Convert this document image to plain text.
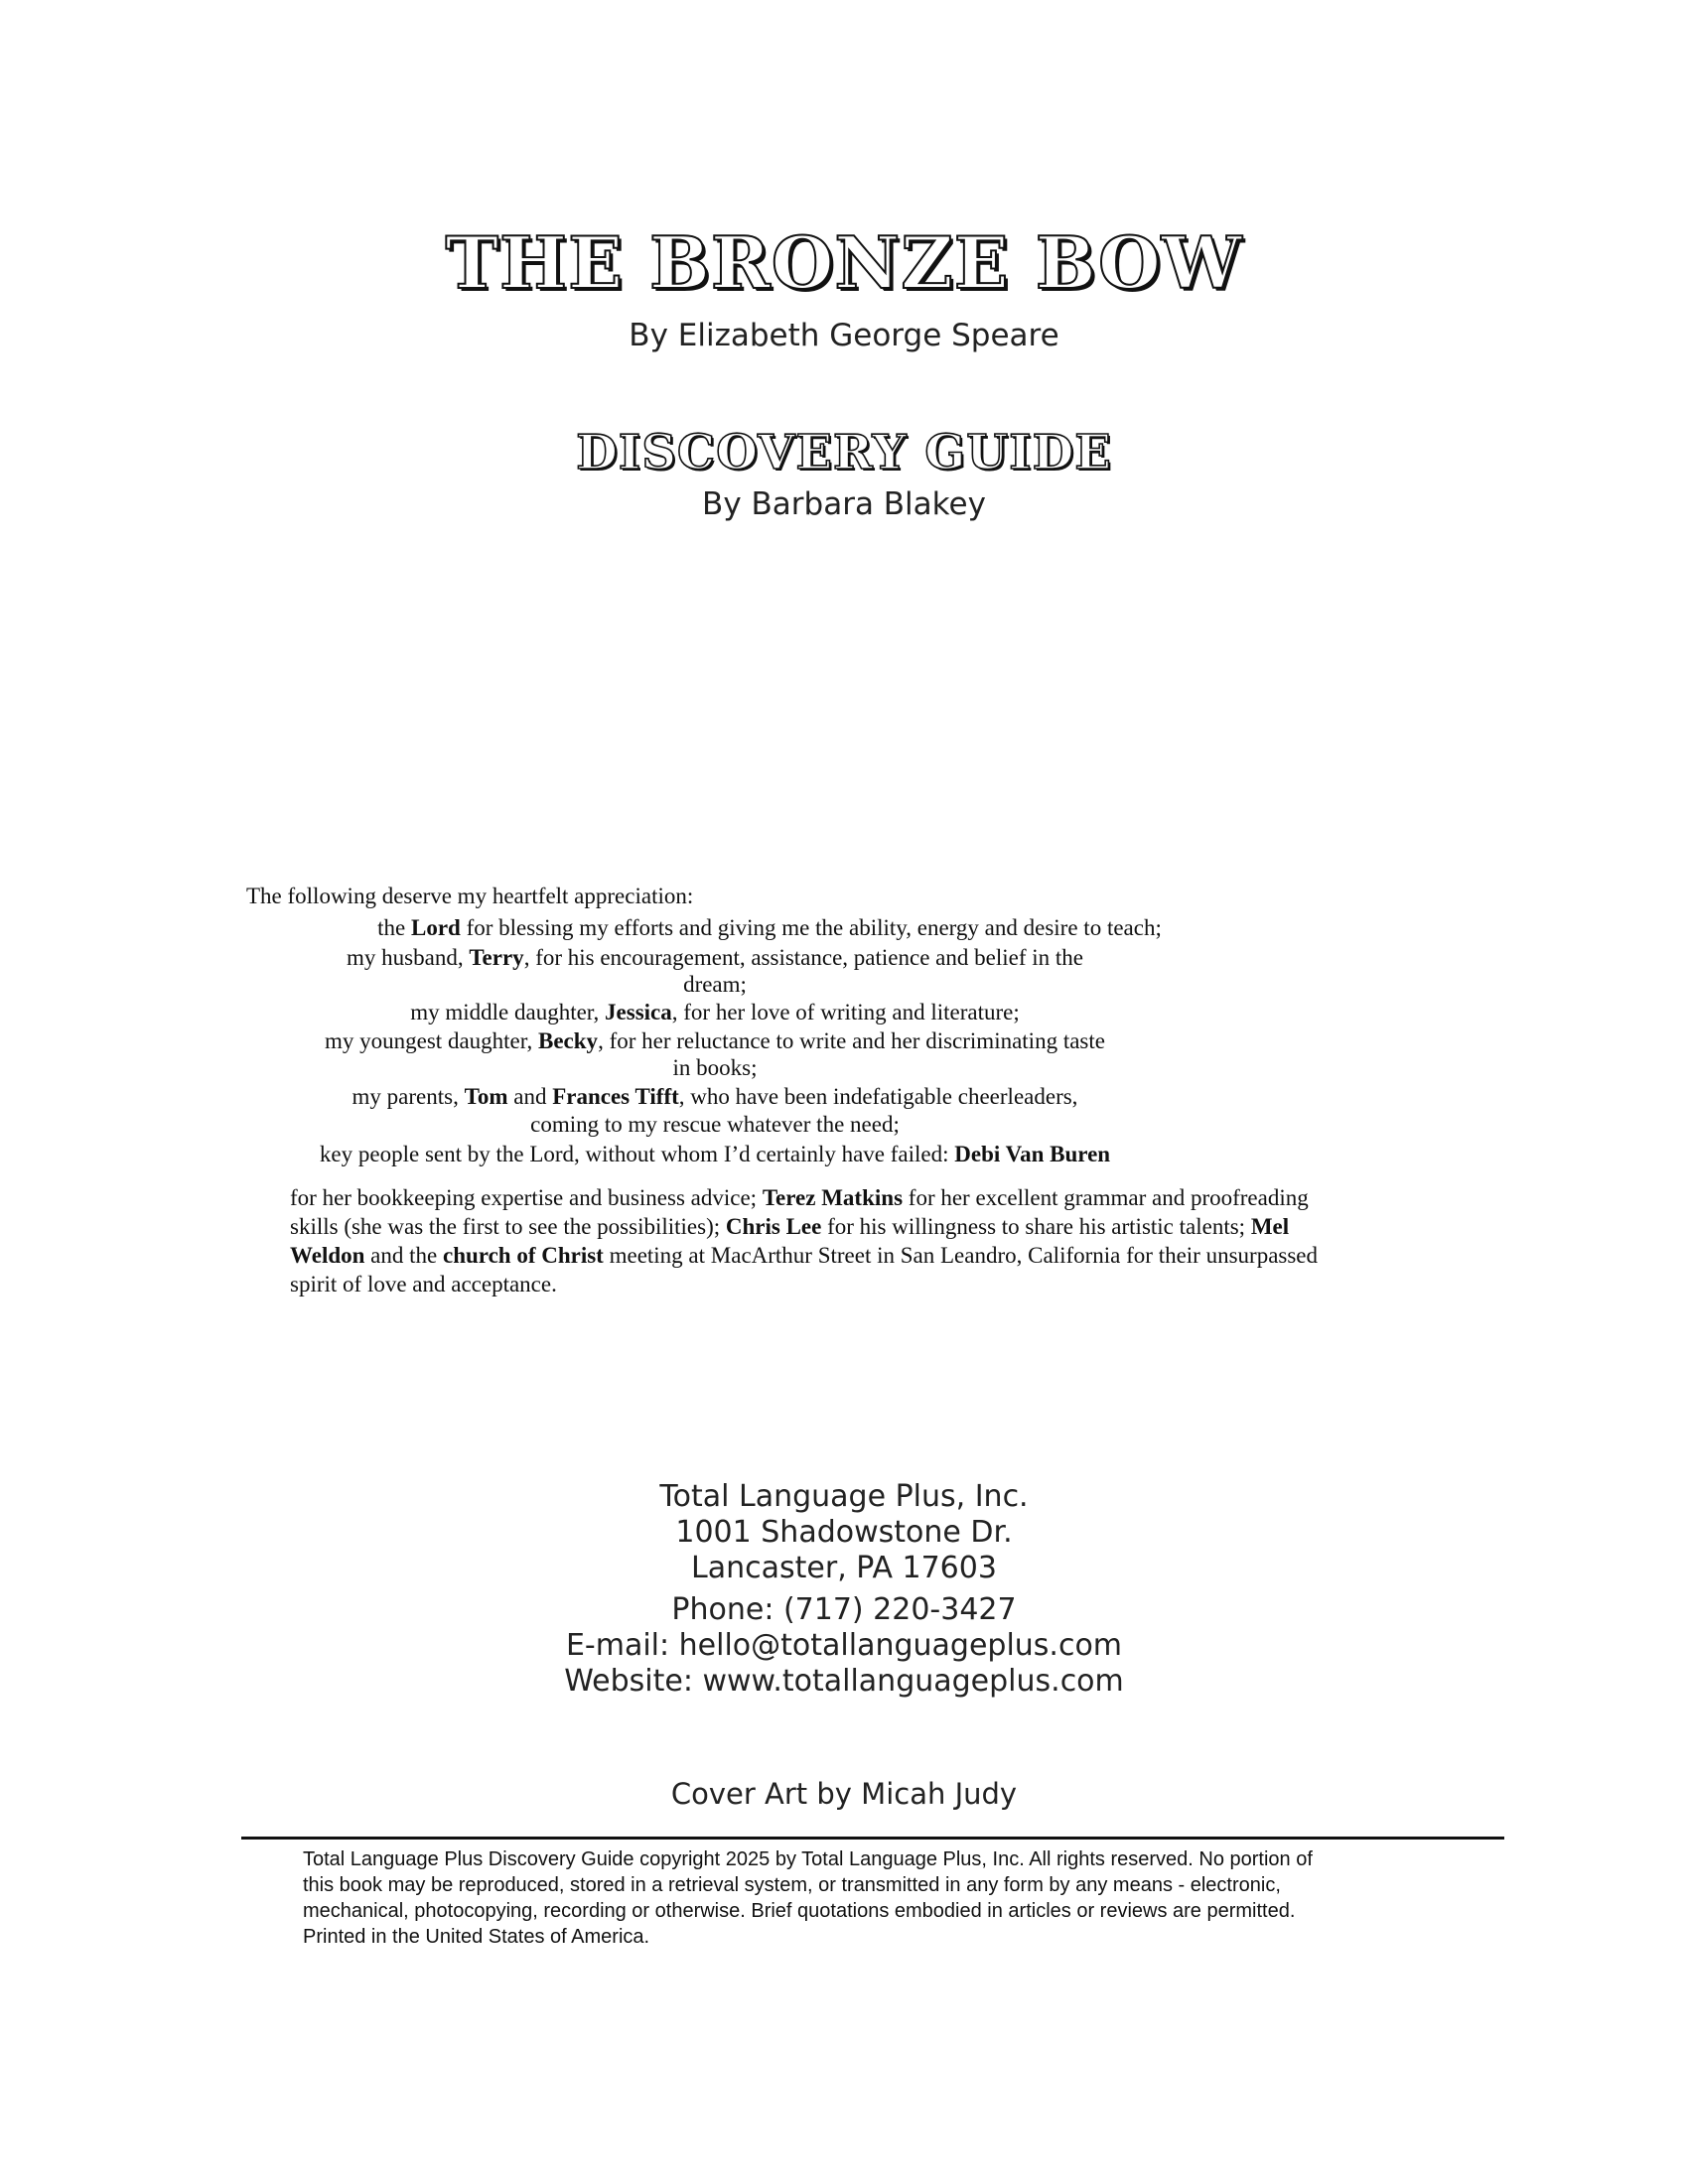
THE BRONZE BOW
By Elizabeth George Speare
DISCOVERY GUIDE
By Barbara Blakey
The following deserve my heartfelt appreciation:
the Lord for blessing my efforts and giving me the ability, energy and desire to teach;
my husband, Terry, for his encouragement, assistance, patience and belief in the
dream;
my middle daughter, Jessica, for her love of writing and literature;
my youngest daughter, Becky, for her reluctance to write and her discriminating taste
in books;
my parents, Tom and Frances Tifft, who have been indefatigable cheerleaders,
coming to my rescue whatever the need;
key people sent by the Lord, without whom I’d certainly have failed: Debi Van Buren
for her bookkeeping expertise and business advice; Terez Matkins for her excellent grammar and proofreading skills (she was the first to see the possibilities); Chris Lee for his willingness to share his artistic talents; Mel Weldon and the church of Christ meeting at MacArthur Street in San Leandro, California for their unsurpassed spirit of love and acceptance.
Total Language Plus, Inc.
1001 Shadowstone Dr.
Lancaster, PA 17603
Phone: (717) 220-3427
E-mail: hello@totallanguageplus.com
Website: www.totallanguageplus.com
Cover Art by Micah Judy
Total Language Plus Discovery Guide copyright 2025 by Total Language Plus, Inc. All rights reserved. No portion of
this book may be reproduced, stored in a retrieval system, or transmitted in any form by any means - electronic,
mechanical, photocopying, recording or otherwise. Brief quotations embodied in articles or reviews are permitted.
Printed in the United States of America.
